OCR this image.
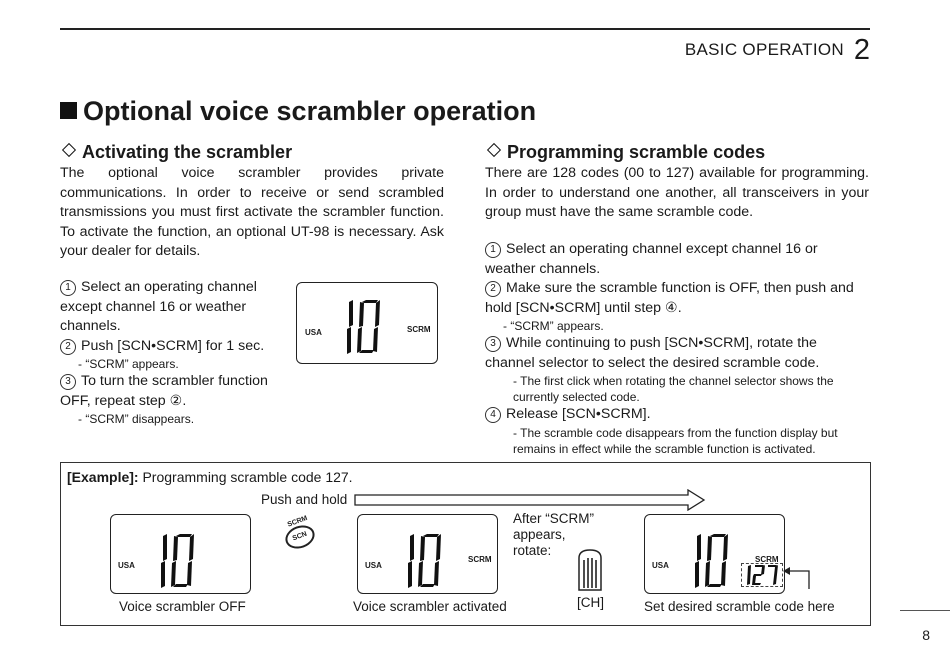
BASIC OPERATION 2
Optional voice scrambler operation
Activating the scrambler
The optional voice scrambler provides private communications. In order to receive or send scrambled transmissions you must first activate the scrambler function. To activate the function, an optional UT-98 is necessary. Ask your dealer for details.
1 Select an operating channel except channel 16 or weather channels.
2 Push [SCN•SCRM] for 1 sec.
- “SCRM” appears.
3 To turn the scrambler function OFF, repeat step ②.
- “SCRM” disappears.
USA	SCRM
Programming scramble codes
There are 128 codes (00 to 127) available for programming. In order to understand one another, all transceivers in your group must have the same scramble code.
1 Select an operating channel except channel 16 or weather channels.
2 Make sure the scramble function is OFF, then push and hold [SCN•SCRM] until step ④.
- “SCRM” appears.
3 While continuing to push [SCN•SCRM], rotate the channel selector to select the desired scramble code.
- The first click when rotating the channel selector shows the currently selected code.
4 Release [SCN•SCRM].
- The scramble code disappears from the function display but remains in effect while the scramble function is activated.
[Example]: Programming scramble code 127.
Push and hold
USA
Voice scrambler OFF
SCRM
SCN
USA
SCRM
Voice scrambler activated
After “SCRM” appears, rotate:
[CH]
USA
SCRM
Set desired scramble code here
8
